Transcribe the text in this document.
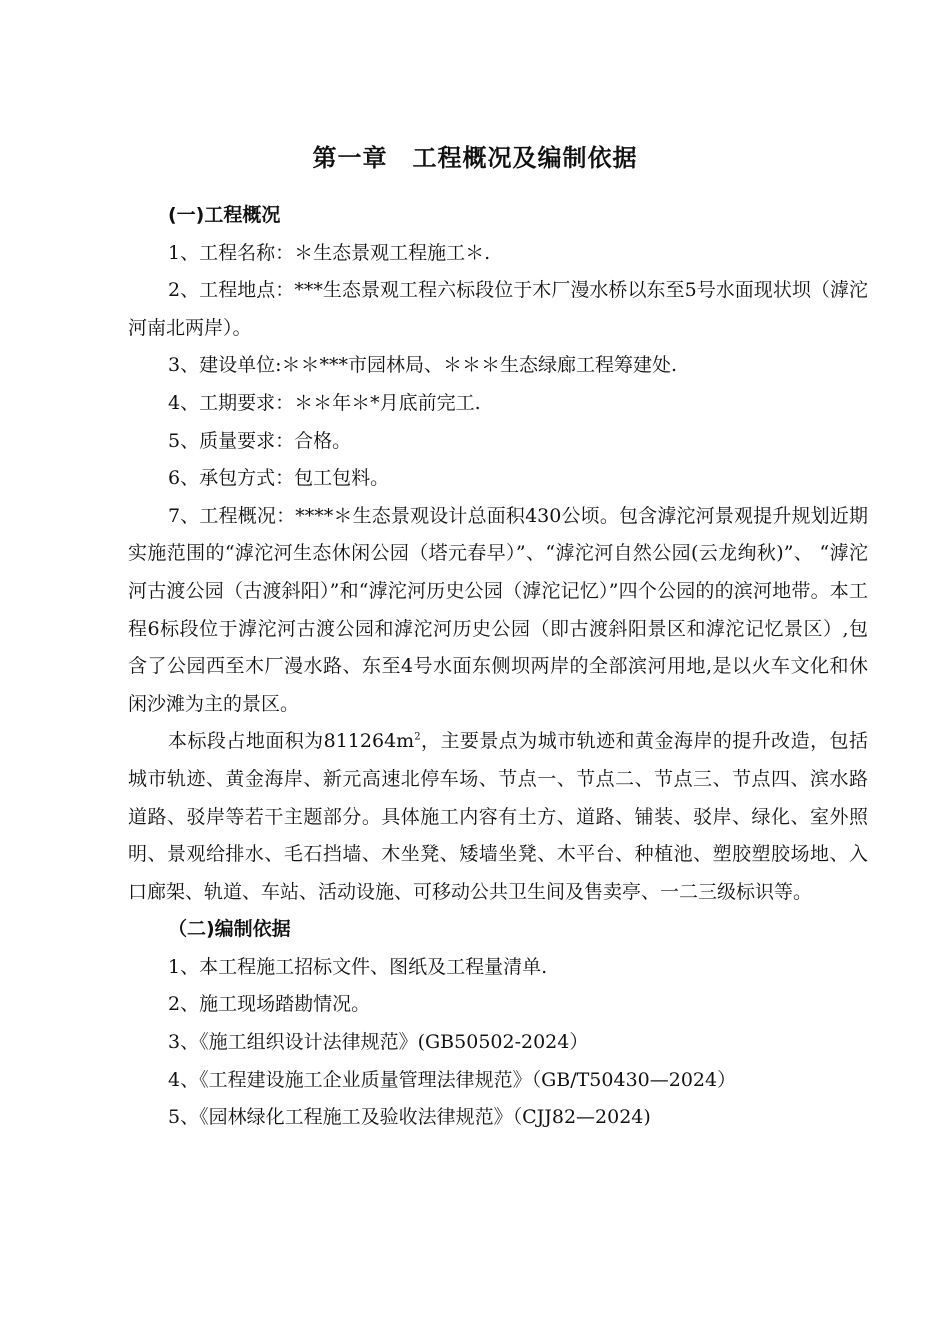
第一章　工程概况及编制依据

(一)工程概况

1、工程名称：＊生态景观工程施工＊.

2、工程地点：***生态景观工程六标段位于木厂漫水桥以东至5号水面现状坝（滹沱河南北两岸）。

3、建设单位:＊＊***市园林局、＊＊＊生态绿廊工程筹建处.

4、工期要求：＊＊年＊*月底前完工.

5、质量要求：合格。

6、承包方式：包工包料。

7、工程概况：****＊生态景观设计总面积430公顷。包含滹沱河景观提升规划近期实施范围的“滹沱河生态休闲公园（塔元春早）”、“滹沱河自然公园(云龙绚秋)”、 “滹沱河古渡公园（古渡斜阳）”和“滹沱河历史公园（滹沱记忆）”四个公园的的滨河地带。本工程6标段位于滹沱河古渡公园和滹沱河历史公园（即古渡斜阳景区和滹沱记忆景区）,包含了公园西至木厂漫水路、东至4号水面东侧坝两岸的全部滨河用地,是以火车文化和休闲沙滩为主的景区。

本标段占地面积为$811264m^2$，主要景点为城市轨迹和黄金海岸的提升改造，包括城市轨迹、黄金海岸、新元高速北停车场、节点一、节点二、节点三、节点四、滨水路道路、驳岸等若干主题部分。具体施工内容有土方、道路、铺装、驳岸、绿化、室外照明、景观给排水、毛石挡墙、木坐凳、矮墙坐凳、木平台、种植池、塑胶塑胶场地、入口廊架、轨道、车站、活动设施、可移动公共卫生间及售卖亭、一二三级标识等。

（二)编制依据

1、本工程施工招标文件、图纸及工程量清单.

2、施工现场踏勘情况。

3、《施工组织设计法律规范》(GB50502-2024）

4、《工程建设施工企业质量管理法律规范》（GB/T50430—2024）

5、《园林绿化工程施工及验收法律规范》（CJJ82—2024)
